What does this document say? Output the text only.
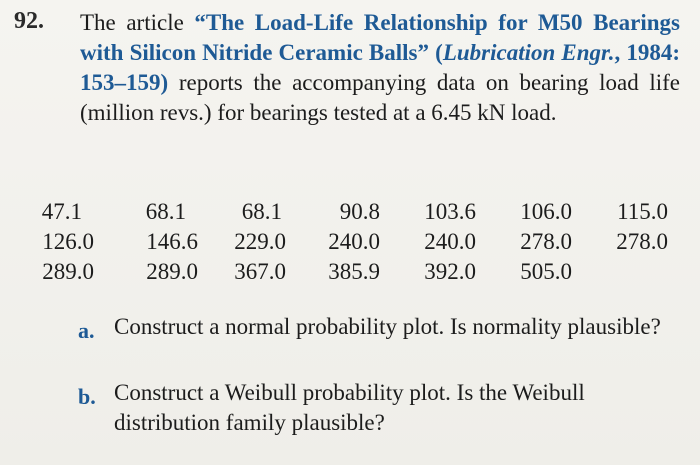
92. The article “The Load-Life Relationship for M50 Bearings with Silicon Nitride Ceramic Balls” (Lubrication Engr., 1984: 153–159) reports the accompanying data on bearing load life (million revs.) for bearings tested at a 6.45 kN load.
47.1	68.1	68.1	90.8	103.6	106.0	115.0
126.0	146.6	229.0	240.0	240.0	278.0	278.0
289.0	289.0	367.0	385.9	392.0	505.0
a. Construct a normal probability plot. Is normality plausible?
b. Construct a Weibull probability plot. Is the Weibull distribution family plausible?
